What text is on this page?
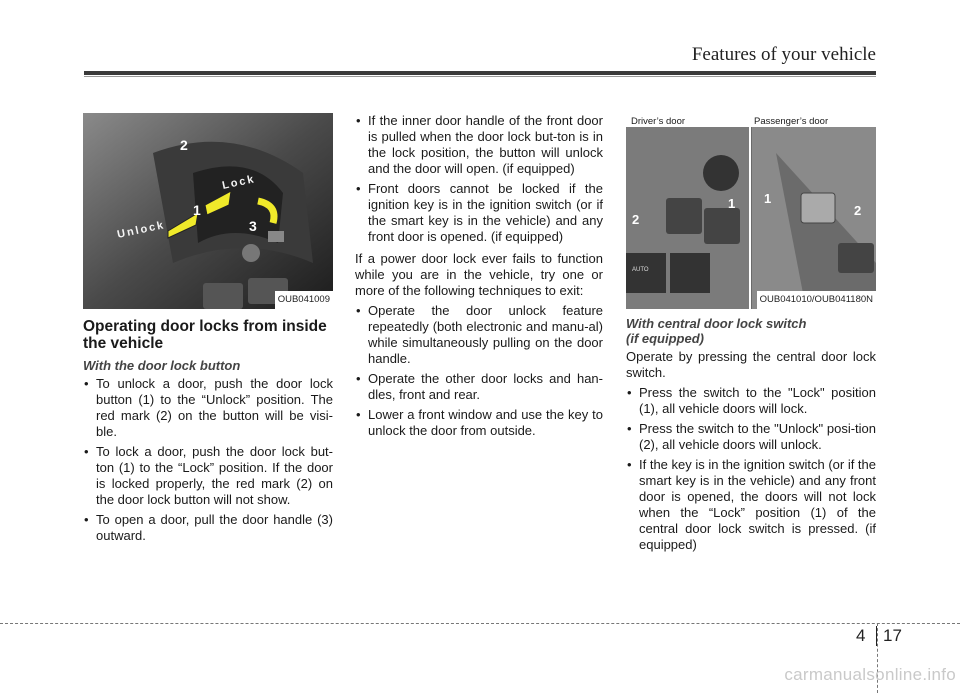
Features of your vehicle
Lock
Unlock
1
2
3
OUB041009
Operating door locks from inside the vehicle
With the door lock button
• To unlock a door, push the door lock button (1) to the “Unlock” position. The red mark (2) on the button will be visi-ble.
• To lock a door, push the door lock but-ton (1) to the “Lock” position. If the door is locked properly, the red mark (2) on the door lock button will not show.
• To open a door, pull the door handle (3) outward.
• If the inner door handle of the front door is pulled when the door lock but-ton is in the lock position, the button will unlock and the door will open. (if equipped)
• Front doors cannot be locked if the ignition key is in the ignition switch (or if the smart key is in the vehicle) and any front door is opened. (if equipped)

If a power door lock ever fails to function while you are in the vehicle, try one or more of the following techniques to exit:

• Operate the door unlock feature repeatedly (both electronic and manu-al) while simultaneously pulling on the door handle.
• Operate the other door locks and han-dles, front and rear.
• Lower a front window and use the key to unlock the door from outside.
Driver’s door	Passenger’s door
2
1 1
2
AUTO
OUB041010/OUB041180N
With central door lock switch
(if equipped)

Operate by pressing the central door lock switch.

• Press the switch to the "Lock" position (1), all vehicle doors will lock.
• Press the switch to the "Unlock" posi-tion (2), all vehicle doors will unlock.
• If the key is in the ignition switch (or if the smart key is in the vehicle) and any front door is opened, the doors will not lock when the “Lock” position (1) of the central door lock switch is pressed. (if equipped)
4 17
carmanualsonline.info
